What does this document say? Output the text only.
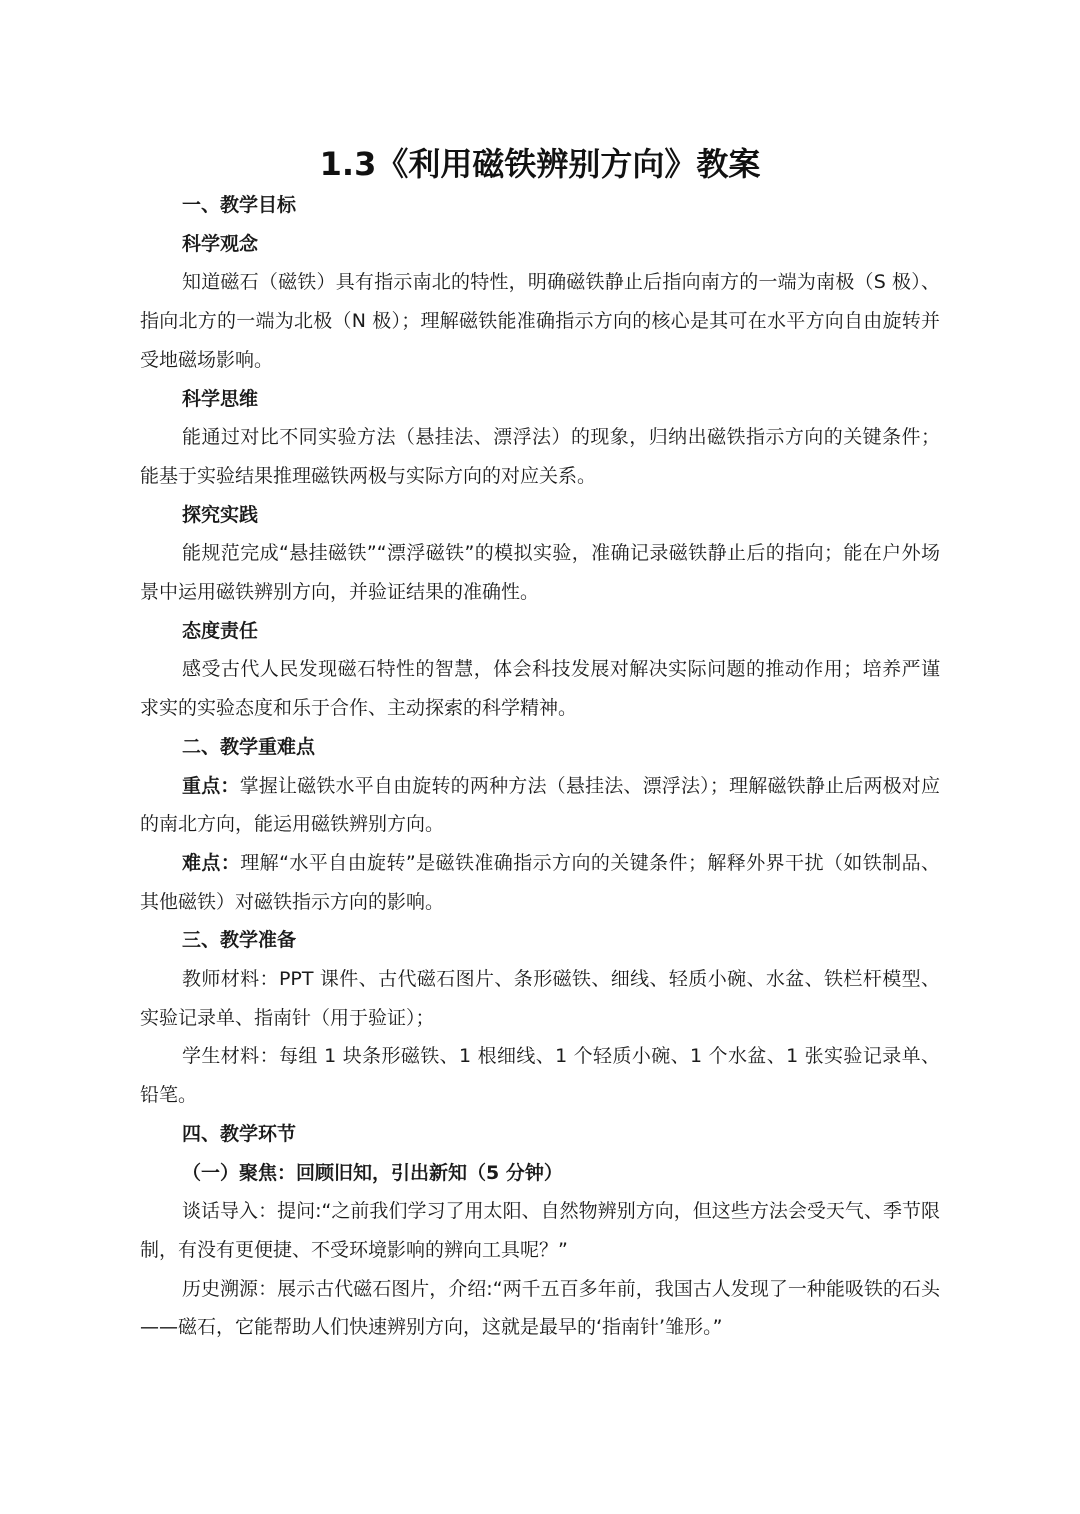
1.3《利用磁铁辨别方向》教案

一、教学目标

科学观念

知道磁石（磁铁）具有指示南北的特性，明确磁铁静止后指向南方的一端为南极（S 极）、指向北方的一端为北极（N 极）；理解磁铁能准确指示方向的核心是其可在水平方向自由旋转并受地磁场影响。

科学思维

能通过对比不同实验方法（悬挂法、漂浮法）的现象，归纳出磁铁指示方向的关键条件；能基于实验结果推理磁铁两极与实际方向的对应关系。

探究实践

能规范完成“悬挂磁铁”“漂浮磁铁”的模拟实验，准确记录磁铁静止后的指向；能在户外场景中运用磁铁辨别方向，并验证结果的准确性。

态度责任

感受古代人民发现磁石特性的智慧，体会科技发展对解决实际问题的推动作用；培养严谨求实的实验态度和乐于合作、主动探索的科学精神。

二、教学重难点

重点：掌握让磁铁水平自由旋转的两种方法（悬挂法、漂浮法）；理解磁铁静止后两极对应的南北方向，能运用磁铁辨别方向。

难点：理解“水平自由旋转”是磁铁准确指示方向的关键条件；解释外界干扰（如铁制品、其他磁铁）对磁铁指示方向的影响。

三、教学准备

教师材料：PPT 课件、古代磁石图片、条形磁铁、细线、轻质小碗、水盆、铁栏杆模型、实验记录单、指南针（用于验证）；

学生材料：每组 1 块条形磁铁、1 根细线、1 个轻质小碗、1 个水盆、1 张实验记录单、铅笔。

四、教学环节

（一）聚焦：回顾旧知，引出新知（5 分钟）

谈话导入：提问:“之前我们学习了用太阳、自然物辨别方向，但这些方法会受天气、季节限制，有没有更便捷、不受环境影响的辨向工具呢？”

历史溯源：展示古代磁石图片，介绍:“两千五百多年前，我国古人发现了一种能吸铁的石头——磁石，它能帮助人们快速辨别方向，这就是最早的‘指南针’雏形。”
